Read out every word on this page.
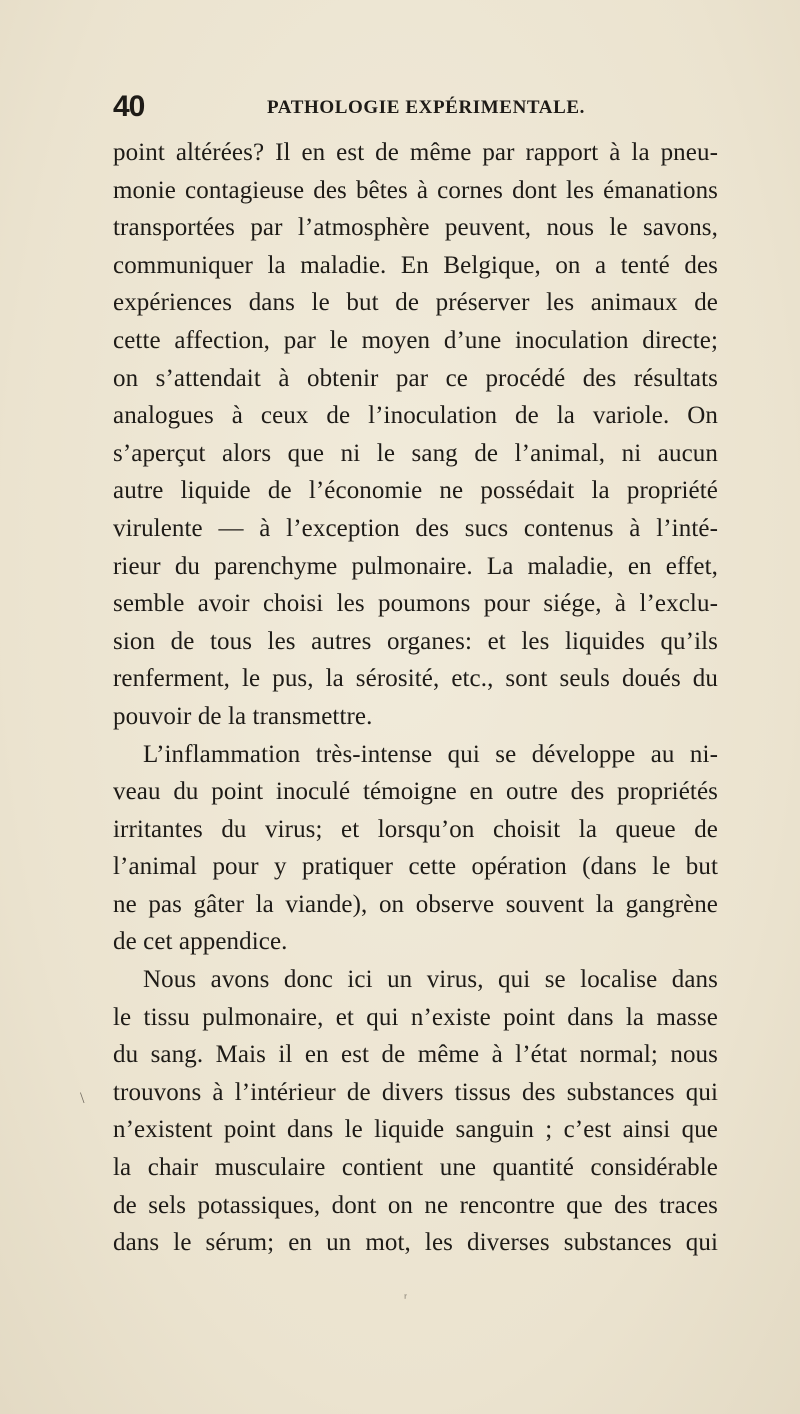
40	PATHOLOGIE EXPÉRIMENTALE.
point altérées? Il en est de même par rapport à la pneu-
monie contagieuse des bêtes à cornes dont les émanations
transportées par l’atmosphère peuvent, nous le savons,
communiquer la maladie. En Belgique, on a tenté des
expériences dans le but de préserver les animaux de
cette affection, par le moyen d’une inoculation directe;
on s’attendait à obtenir par ce procédé des résultats
analogues à ceux de l’inoculation de la variole. On
s’aperçut alors que ni le sang de l’animal, ni aucun
autre liquide de l’économie ne possédait la propriété
virulente — à l’exception des sucs contenus à l’inté-
rieur du parenchyme pulmonaire. La maladie, en effet,
semble avoir choisi les poumons pour siége, à l’exclu-
sion de tous les autres organes: et les liquides qu’ils
renferment, le pus, la sérosité, etc., sont seuls doués du
pouvoir de la transmettre.
L’inflammation très-intense qui se développe au ni-
veau du point inoculé témoigne en outre des propriétés
irritantes du virus; et lorsqu’on choisit la queue de
l’animal pour y pratiquer cette opération (dans le but
ne pas gâter la viande), on observe souvent la gangrène
de cet appendice.
Nous avons donc ici un virus, qui se localise dans
le tissu pulmonaire, et qui n’existe point dans la masse
du sang. Mais il en est de même à l’état normal; nous
trouvons à l’intérieur de divers tissus des substances qui
n’existent point dans le liquide sanguin ; c’est ainsi que
la chair musculaire contient une quantité considérable
de sels potassiques, dont on ne rencontre que des traces
dans le sérum; en un mot, les diverses substances qui
\
ʳ
